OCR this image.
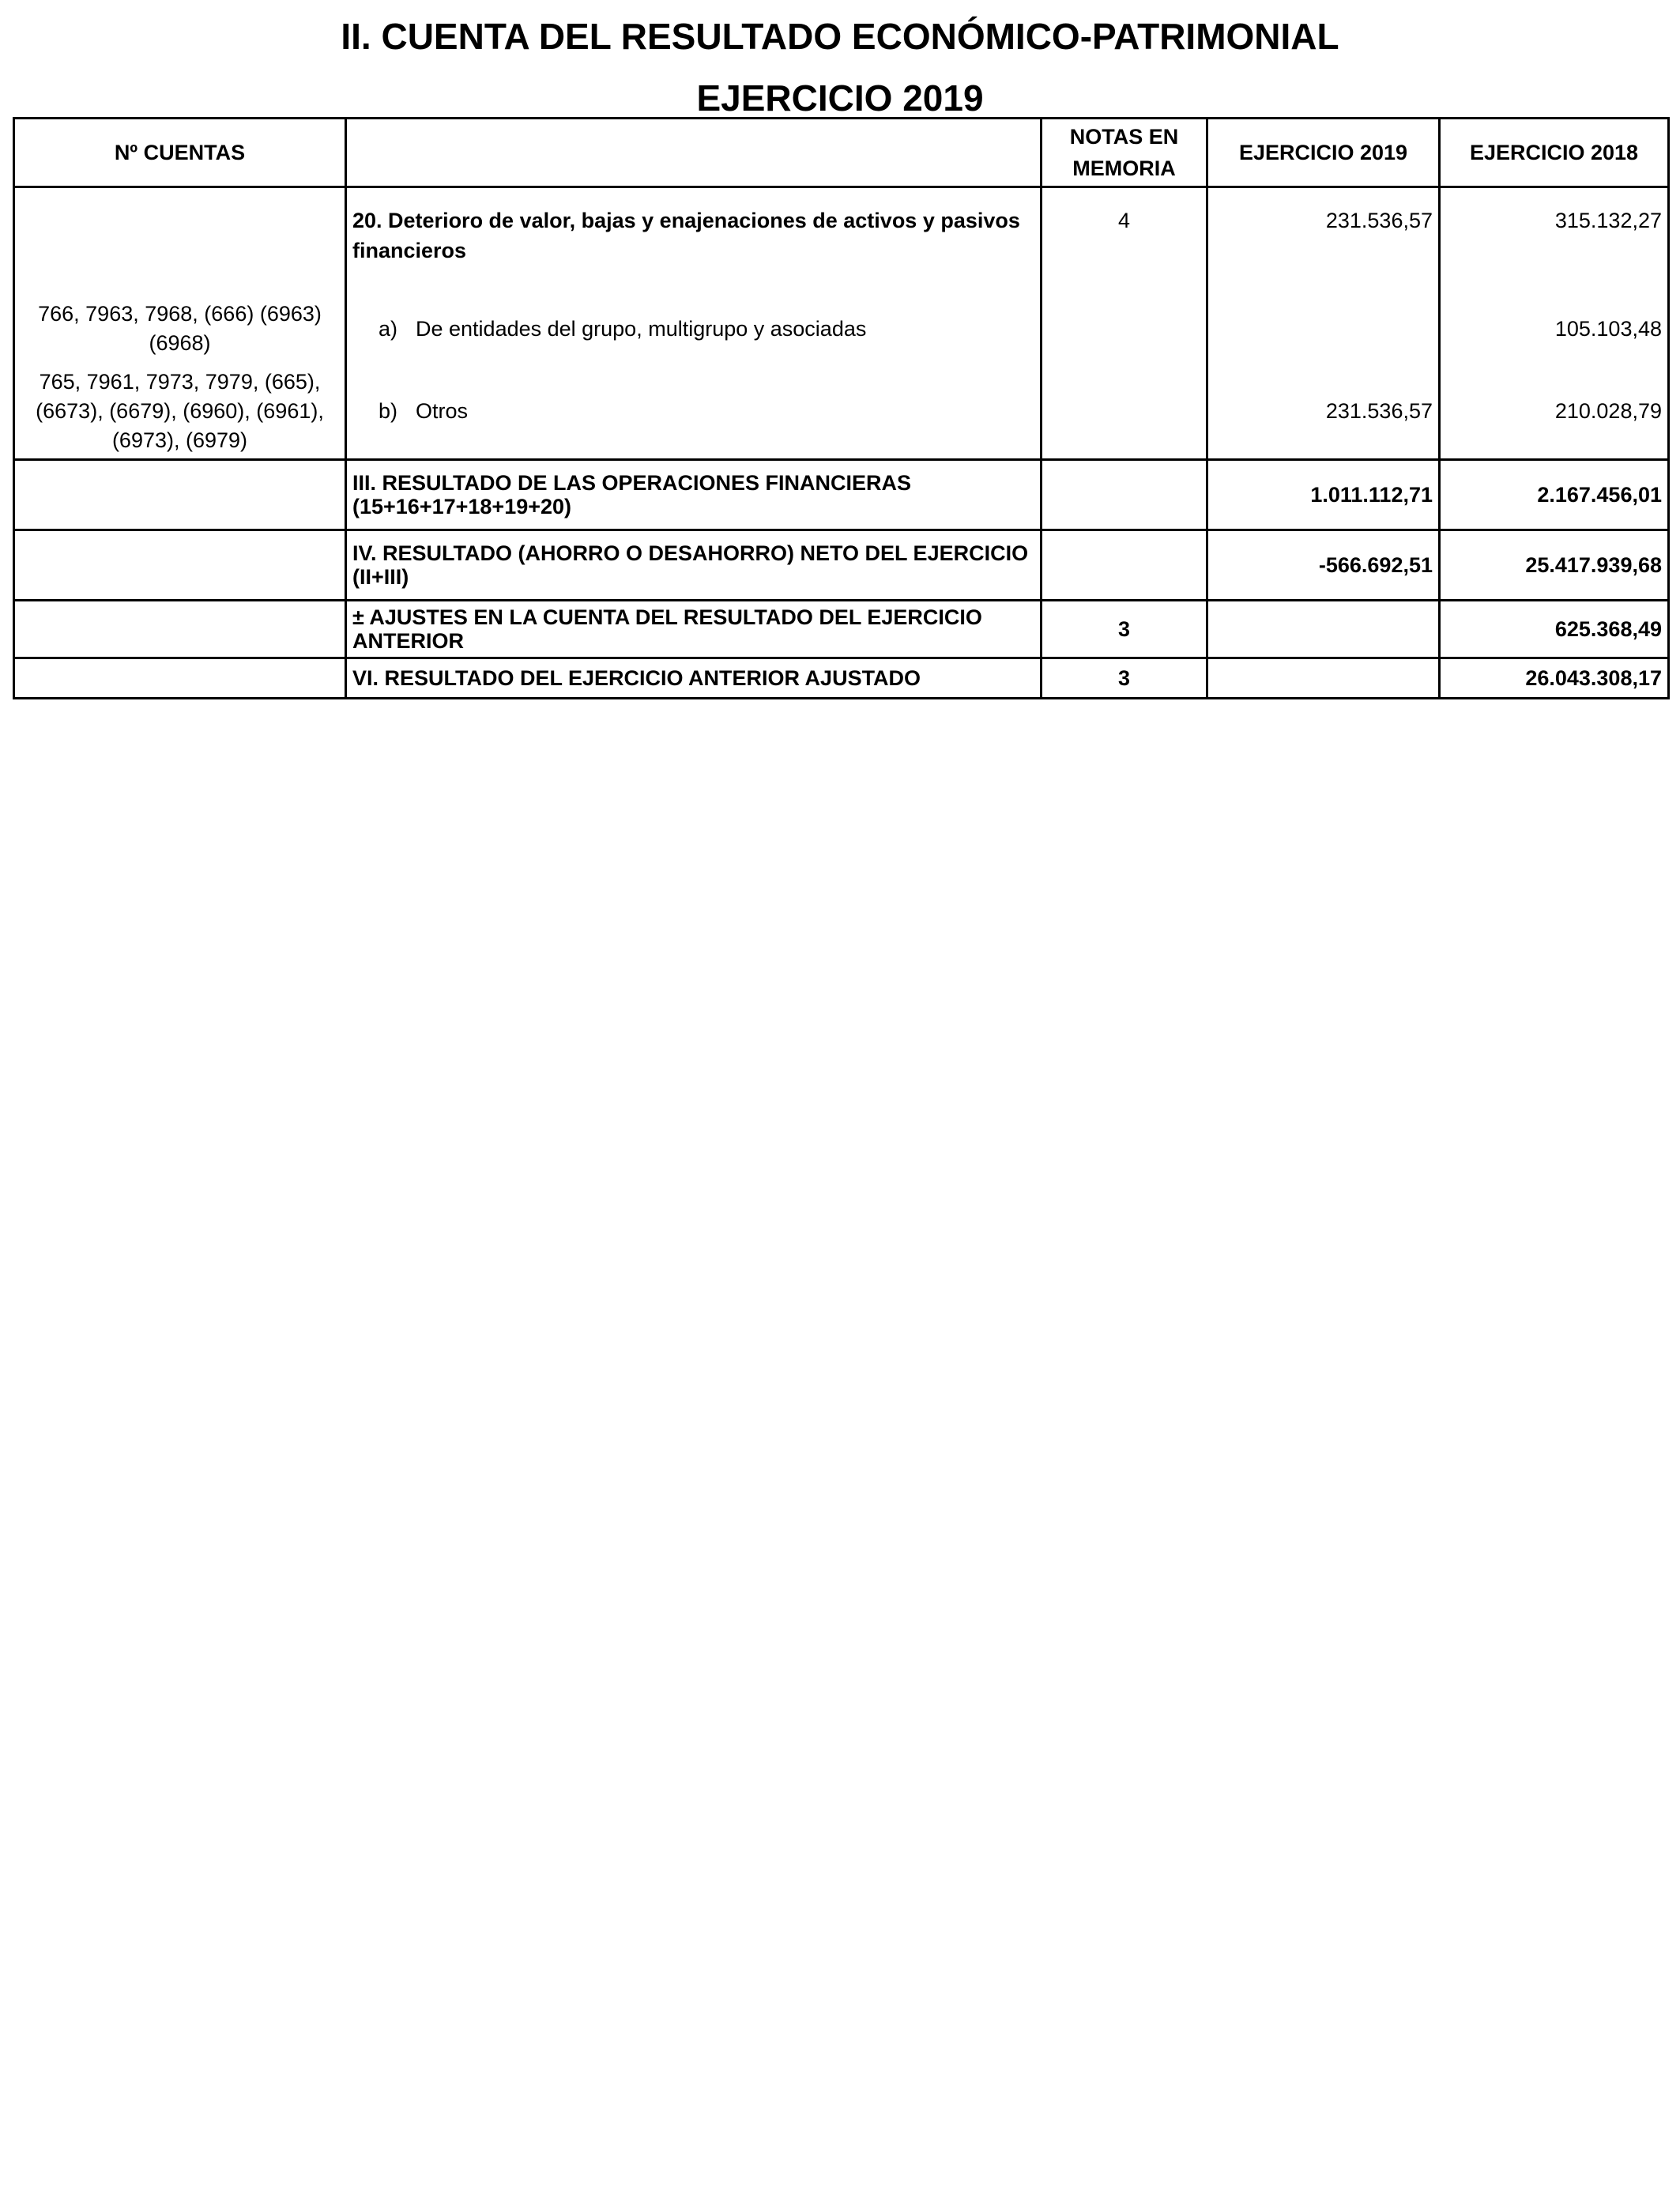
II. CUENTA DEL RESULTADO ECONÓMICO-PATRIMONIAL
EJERCICIO 2019
Nº CUENTAS		NOTAS EN MEMORIA	EJERCICIO 2019	EJERCICIO 2018
	20. Deterioro de valor, bajas y enajenaciones de activos y pasivos financieros	4	231.536,57	315.132,27
766, 7963, 7968, (666) (6963) (6968)	a) De entidades del grupo, multigrupo y asociadas			105.103,48
765, 7961, 7973, 7979, (665), (6673), (6679), (6960), (6961), (6973), (6979)	b) Otros		231.536,57	210.028,79
	III. RESULTADO DE LAS OPERACIONES FINANCIERAS (15+16+17+18+19+20)		1.011.112,71	2.167.456,01
	IV. RESULTADO (AHORRO O DESAHORRO) NETO DEL EJERCICIO (II+III)		-566.692,51	25.417.939,68
	± AJUSTES EN LA CUENTA DEL RESULTADO DEL EJERCICIO ANTERIOR	3		625.368,49
	VI. RESULTADO DEL EJERCICIO ANTERIOR AJUSTADO	3		26.043.308,17
